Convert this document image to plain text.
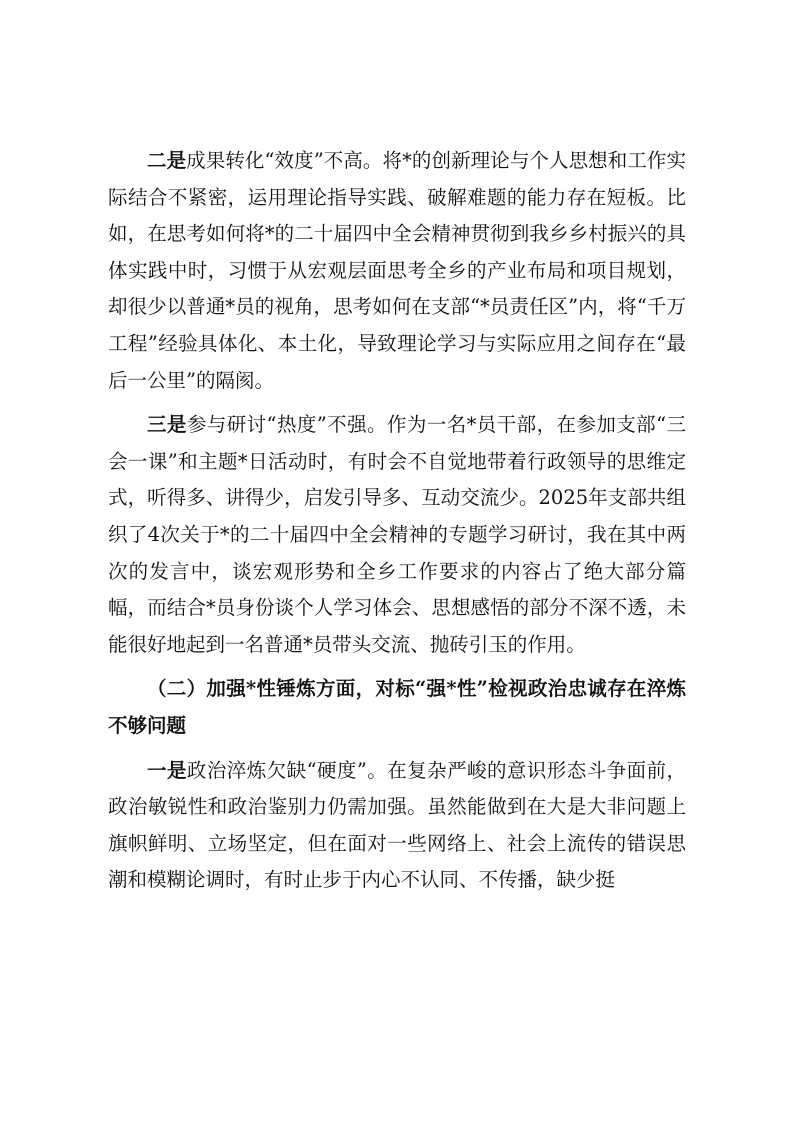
二是成果转化“效度”不高。将*的创新理论与个人思想和工作实际结合不紧密，运用理论指导实践、破解难题的能力存在短板。比如，在思考如何将*的二十届四中全会精神贯彻到我乡乡村振兴的具体实践中时，习惯于从宏观层面思考全乡的产业布局和项目规划，却很少以普通*员的视角，思考如何在支部“*员责任区”内，将“千万工程”经验具体化、本土化，导致理论学习与实际应用之间存在“最后一公里”的隔阂。

三是参与研讨“热度”不强。作为一名*员干部，在参加支部“三会一课”和主题*日活动时，有时会不自觉地带着行政领导的思维定式，听得多、讲得少，启发引导多、互动交流少。2025年支部共组织了4次关于*的二十届四中全会精神的专题学习研讨，我在其中两次的发言中，谈宏观形势和全乡工作要求的内容占了绝大部分篇幅，而结合*员身份谈个人学习体会、思想感悟的部分不深不透，未能很好地起到一名普通*员带头交流、抛砖引玉的作用。

（二）加强*性锤炼方面，对标“强*性”检视政治忠诚存在淬炼不够问题

一是政治淬炼欠缺“硬度”。在复杂严峻的意识形态斗争面前，政治敏锐性和政治鉴别力仍需加强。虽然能做到在大是大非问题上旗帜鲜明、立场坚定，但在面对一些网络上、社会上流传的错误思潮和模糊论调时，有时止步于内心不认同、不传播，缺少挺
